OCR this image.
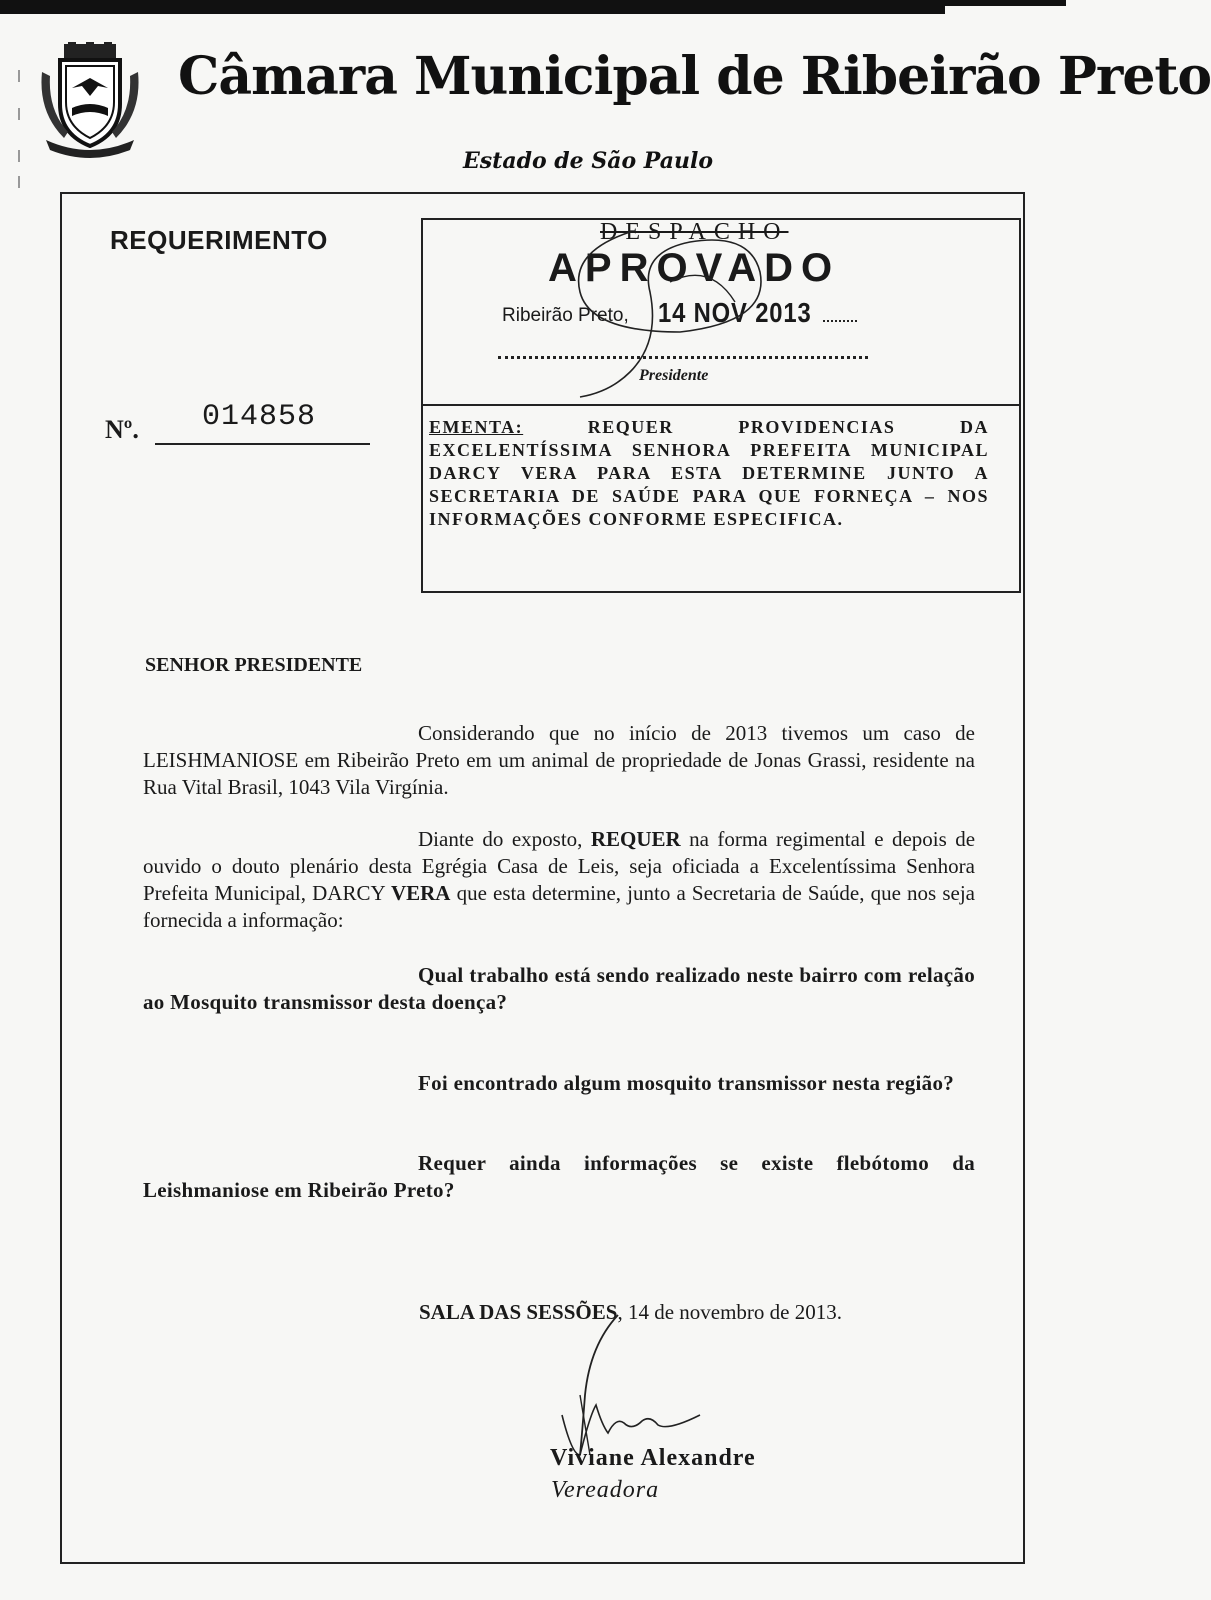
Câmara Municipal de Ribeirão Preto
Estado de São Paulo
REQUERIMENTO
Nº. 014858
DESPACHO
APROVADO
Ribeirão Preto, 14 NOV 2013
Presidente
EMENTA:	REQUER PROVIDENCIAS DA EXCELENTÍSSIMA SENHORA PREFEITA MUNICIPAL DARCY VERA PARA ESTA DETERMINE JUNTO A SECRETARIA DE SAÚDE PARA QUE FORNEÇA – NOS INFORMAÇÕES CONFORME ESPECIFICA.
SENHOR PRESIDENTE
Considerando que no início de 2013 tivemos um caso de LEISHMANIOSE em Ribeirão Preto em um animal de propriedade de Jonas Grassi, residente na Rua Vital Brasil, 1043 Vila Virgínia.
Diante do exposto, REQUER na forma regimental e depois de ouvido o douto plenário desta Egrégia Casa de Leis, seja oficiada a Excelentíssima Senhora Prefeita Municipal, DARCY VERA que esta determine, junto a Secretaria de Saúde, que nos seja fornecida a informação:
Qual trabalho está sendo realizado neste bairro com relação ao Mosquito transmissor desta doença?
Foi encontrado algum mosquito transmissor nesta região?
Requer ainda informações se existe flebótomo da Leishmaniose em Ribeirão Preto?
SALA DAS SESSÕES, 14 de novembro de 2013.
Viviane Alexandre
Vereadora
